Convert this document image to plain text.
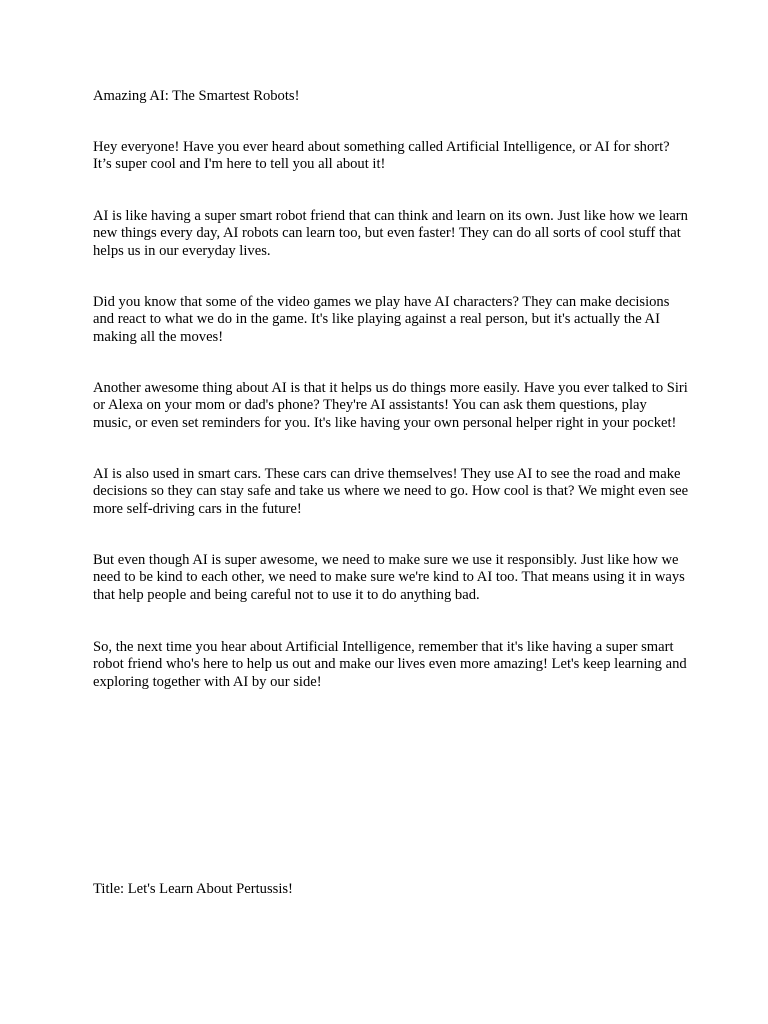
Amazing AI: The Smartest Robots!
Hey everyone! Have you ever heard about something called Artificial Intelligence, or AI for short?
It’s super cool and I'm here to tell you all about it!
AI is like having a super smart robot friend that can think and learn on its own. Just like how we learn
new things every day, AI robots can learn too, but even faster! They can do all sorts of cool stuff that
helps us in our everyday lives.
Did you know that some of the video games we play have AI characters? They can make decisions
and react to what we do in the game. It's like playing against a real person, but it's actually the AI
making all the moves!
Another awesome thing about AI is that it helps us do things more easily. Have you ever talked to Siri
or Alexa on your mom or dad's phone? They're AI assistants! You can ask them questions, play
music, or even set reminders for you. It's like having your own personal helper right in your pocket!
AI is also used in smart cars. These cars can drive themselves! They use AI to see the road and make
decisions so they can stay safe and take us where we need to go. How cool is that? We might even see
more self-driving cars in the future!
But even though AI is super awesome, we need to make sure we use it responsibly. Just like how we
need to be kind to each other, we need to make sure we're kind to AI too. That means using it in ways
that help people and being careful not to use it to do anything bad.
So, the next time you hear about Artificial Intelligence, remember that it's like having a super smart
robot friend who's here to help us out and make our lives even more amazing! Let's keep learning and
exploring together with AI by our side!
Title: Let's Learn About Pertussis!
